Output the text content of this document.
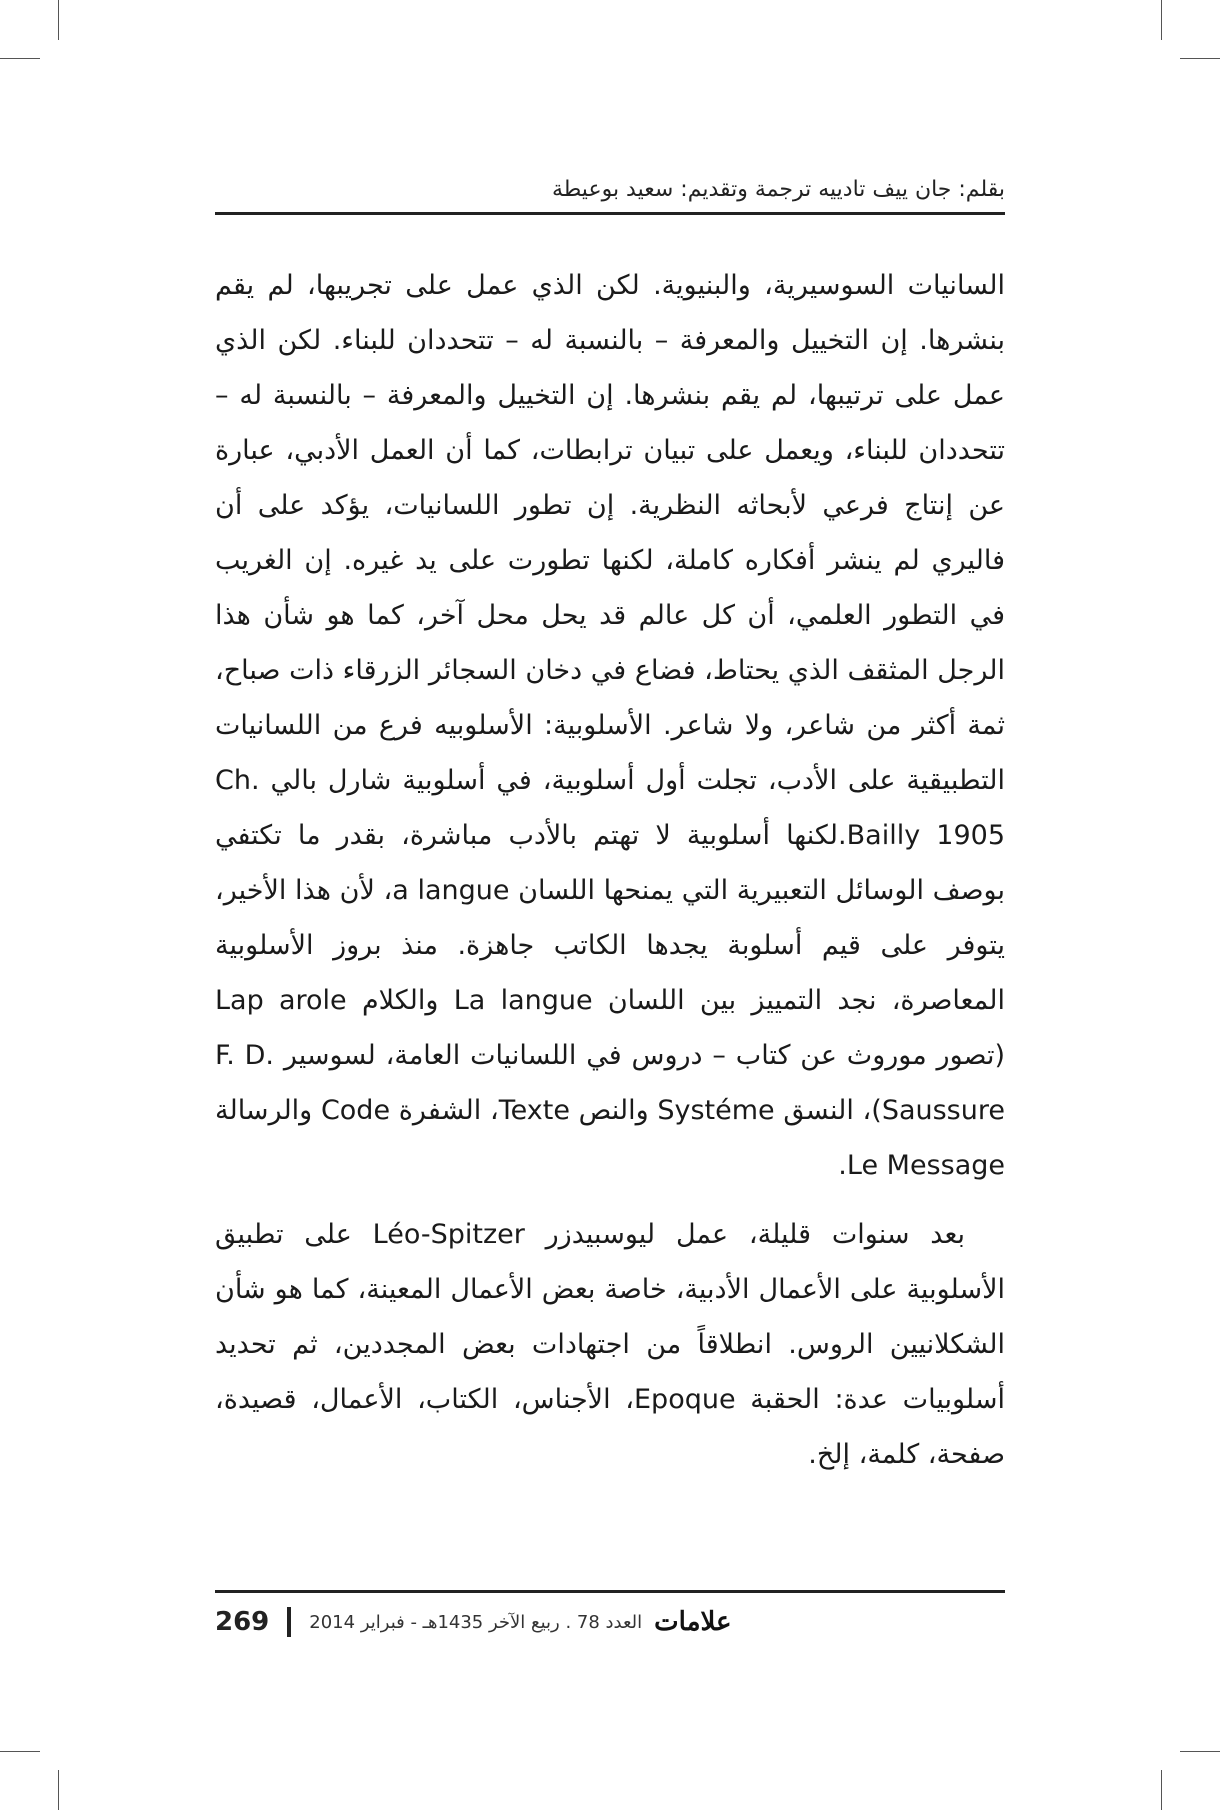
بقلم: جان ييف تادييه ترجمة وتقديم: سعيد بوعيطة

السانيات السوسيرية، والبنيوية. لكن الذي عمل على تجريبها، لم يقم بنشرها. إن التخييل والمعرفة – بالنسبة له – تتحددان للبناء. لكن الذي عمل على ترتيبها، لم يقم بنشرها. إن التخييل والمعرفة – بالنسبة له – تتحددان للبناء، ويعمل على تبيان ترابطات، كما أن العمل الأدبي، عبارة عن إنتاج فرعي لأبحاثه النظرية. إن تطور اللسانيات، يؤكد على أن فاليري لم ينشر أفكاره كاملة، لكنها تطورت على يد غيره. إن الغريب في التطور العلمي، أن كل عالم قد يحل محل آخر، كما هو شأن هذا الرجل المثقف الذي يحتاط، فضاع في دخان السجائر الزرقاء ذات صباح، ثمة أكثر من شاعر، ولا شاعر. الأسلوبية: الأسلوبيه فرع من اللسانيات التطبيقية على الأدب، تجلت أول أسلوبية، في أسلوبية شارل بالي Ch. Bailly 1905.لكنها أسلوبية لا تهتم بالأدب مباشرة، بقدر ما تكتفي بوصف الوسائل التعبيرية التي يمنحها اللسان a langue، لأن هذا الأخير، يتوفر على قيم أسلوبة يجدها الكاتب جاهزة. منذ بروز الأسلوبية المعاصرة، نجد التمييز بين اللسان La langue والكلام Lap arole (تصور موروث عن كتاب – دروس في اللسانيات العامة، لسوسير F. D. Saussure)، النسق Systéme والنص Texte، الشفرة Code والرسالة Le Message.

بعد سنوات قليلة، عمل ليوسبيدزر Léo-Spitzer على تطبيق الأسلوبية على الأعمال الأدبية، خاصة بعض الأعمال المعينة، كما هو شأن الشكلانيين الروس. انطلاقاً من اجتهادات بعض المجددين، ثم تحديد أسلوبيات عدة: الحقبة Epoque، الأجناس، الكتاب، الأعمال، قصيدة، صفحة، كلمة، إلخ.

علامات
العدد 78 . ربيع الآخر 1435هـ - فبراير 2014
269
